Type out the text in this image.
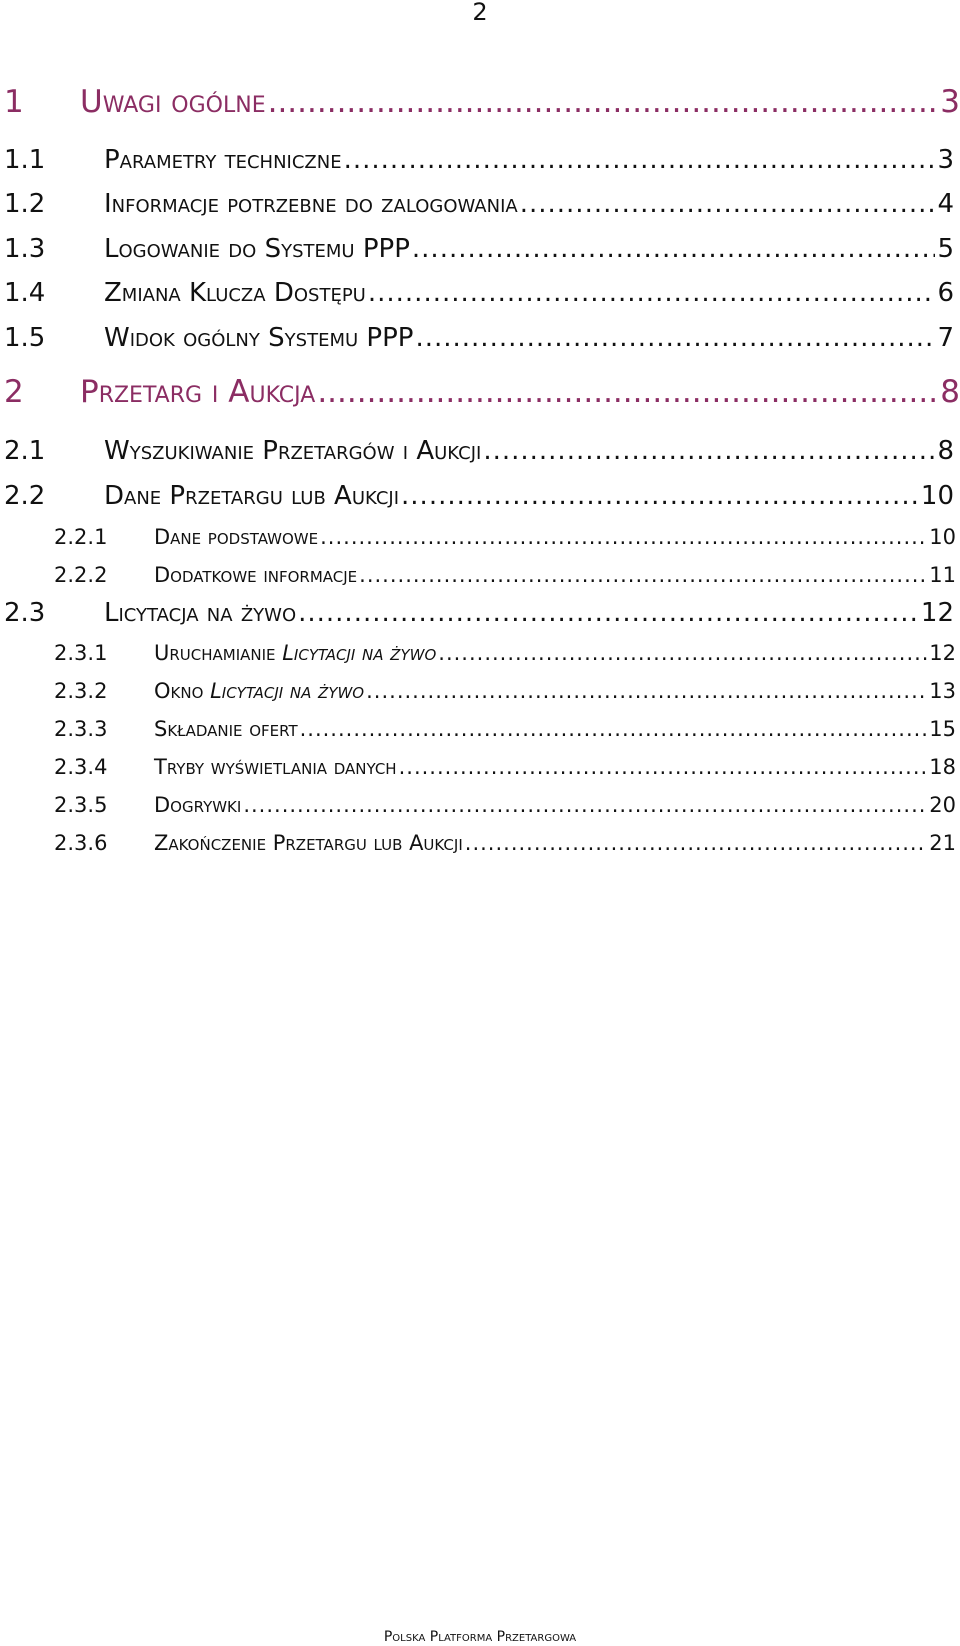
2
1	Uwagi ogólne .....	3
1.1	Parametry techniczne .....	3
1.2	Informacje potrzebne do zalogowania .....	4
1.3	Logowanie do Systemu PPP .....	5
1.4	Zmiana Klucza Dostępu .....	6
1.5	Widok ogólny Systemu PPP .....	7
2	Przetarg i Aukcja .....	8
2.1	Wyszukiwanie Przetargów i Aukcji .....	8
2.2	Dane Przetargu lub Aukcji .....	10
2.2.1	Dane podstawowe .....	10
2.2.2	Dodatkowe informacje .....	11
2.3	Licytacja na żywo .....	12
2.3.1	Uruchamianie Licytacji na żywo .....	12
2.3.2	Okno Licytacji na żywo .....	13
2.3.3	Składanie ofert .....	15
2.3.4	Tryby wyświetlania danych .....	18
2.3.5	Dogrywki .....	20
2.3.6	Zakończenie Przetargu lub Aukcji .....	21
Polska Platforma Przetargowa
